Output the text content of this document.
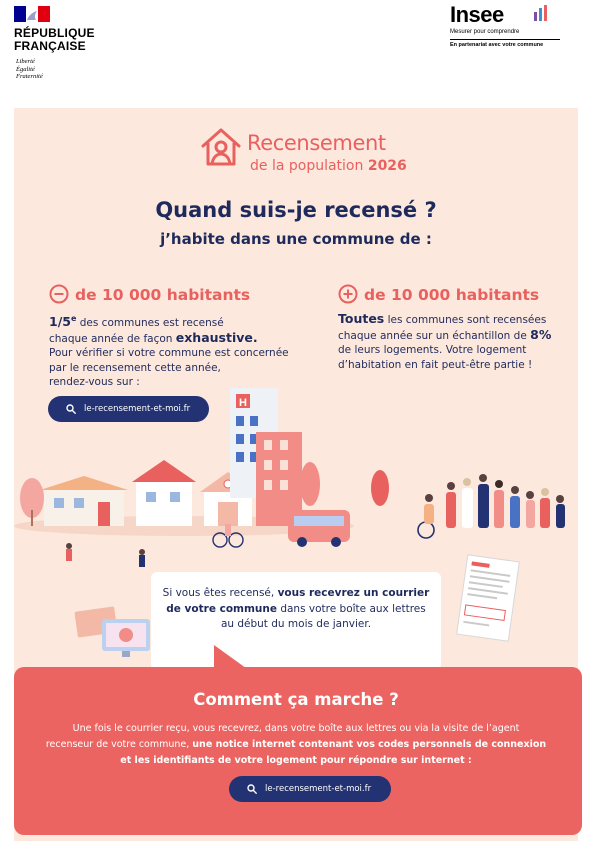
RÉPUBLIQUE
FRANÇAISE
Liberté
Égalité
Fraternité
Insee
Mesurer pour comprendre
En partenariat avec votre commune
Recensement
de la population 2026
Quand suis-je recensé ?
j’habite dans une commune de :
de 10 000 habitants
1/5e des communes est recensé
chaque année de façon exhaustive.
Pour vérifier si votre commune est concernée
par le recensement cette année,
rendez-vous sur :
le-recensement-et-moi.fr
de 10 000 habitants
Toutes les communes sont recensées
chaque année sur un échantillon de 8%
de leurs logements. Votre logement
d’habitation en fait peut-être partie !
H
Si vous êtes recensé, vous recevrez un courrier
de votre commune dans votre boîte aux lettres
au début du mois de janvier.
Comment ça marche ?
Une fois le courrier reçu, vous recevrez, dans votre boîte aux lettres ou via la visite de l’agent
recenseur de votre commune, une notice internet contenant vos codes personnels de connexion
et les identifiants de votre logement pour répondre sur internet :
le-recensement-et-moi.fr
